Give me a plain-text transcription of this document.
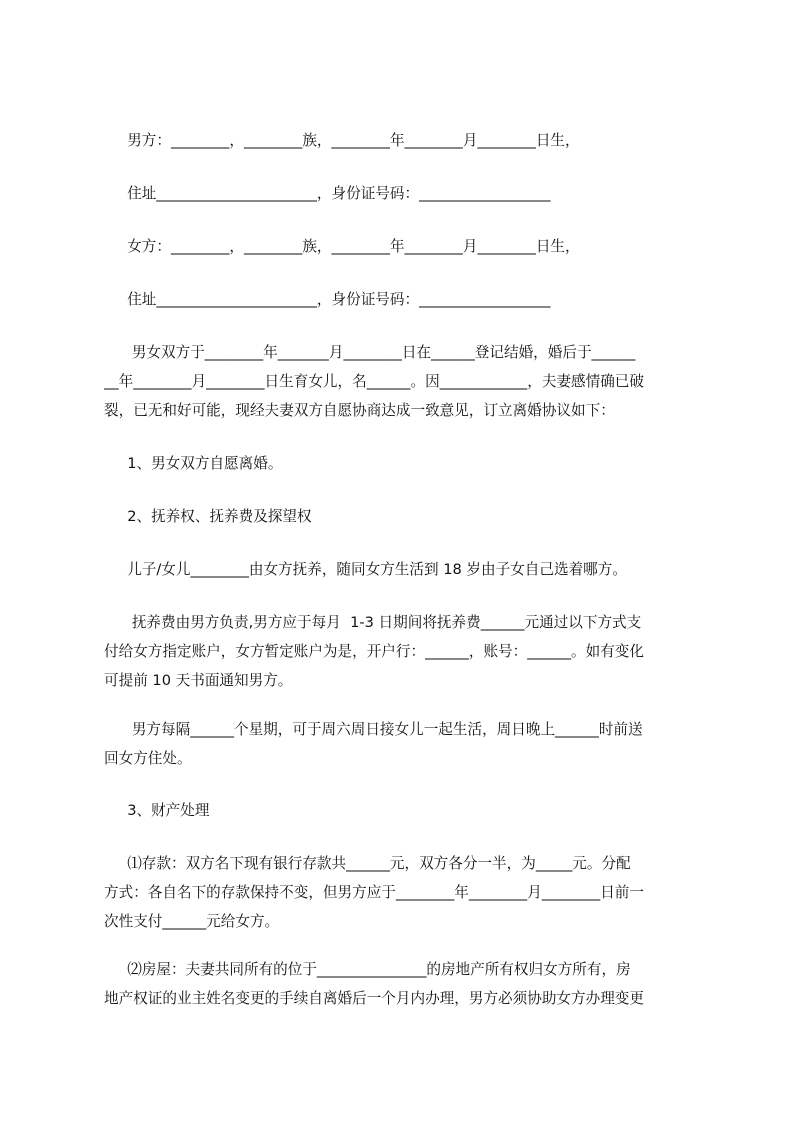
男方：________，________族，________年________月________日生，
住址______________________，身份证号码：__________________
女方：________，________族，________年________月________日生，
住址______________________，身份证号码：__________________
男女双方于________年_______月________日在______登记结婚，婚后于______
__年________月________日生育女儿，名______。因____________，夫妻感情确已破
裂，已无和好可能，现经夫妻双方自愿协商达成一致意见，订立离婚协议如下：
1、男女双方自愿离婚。
2、抚养权、抚养费及探望权
儿子/女儿________由女方抚养，随同女方生活到 18 岁由子女自己选着哪方。
抚养费由男方负责,男方应于每月  1-3 日期间将抚养费______元通过以下方式支
付给女方指定账户，女方暂定账户为是，开户行：______，账号：______。如有变化
可提前 10 天书面通知男方。
男方每隔______个星期，可于周六周日接女儿一起生活，周日晚上______时前送
回女方住处。
3、财产处理
⑴存款：双方名下现有银行存款共______元，双方各分一半，为_____元。分配
方式：各自名下的存款保持不变，但男方应于________年________月________日前一
次性支付______元给女方。
⑵房屋：夫妻共同所有的位于_______________的房地产所有权归女方所有，房
地产权证的业主姓名变更的手续自离婚后一个月内办理，男方必须协助女方办理变更
